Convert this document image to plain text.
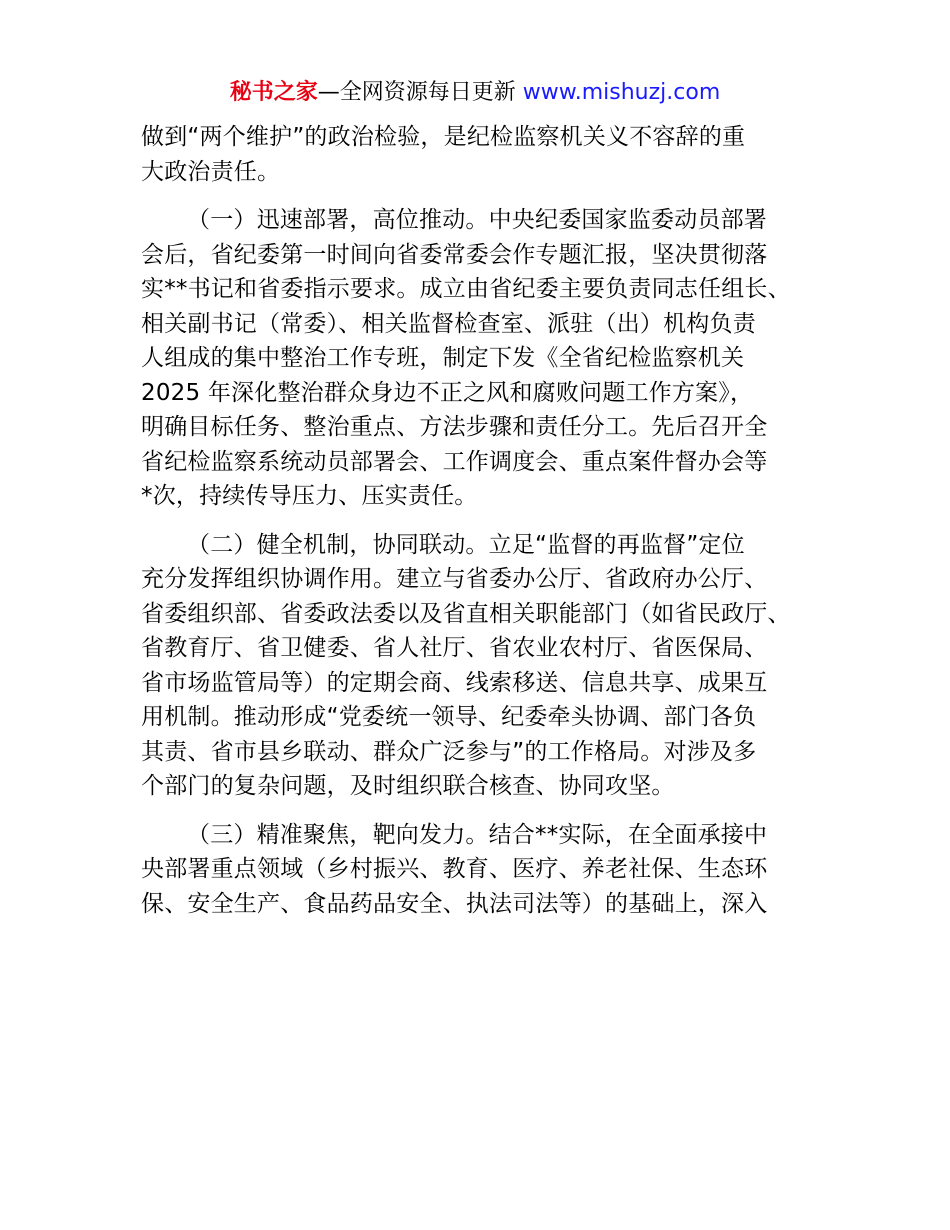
秘书之家—全网资源每日更新 www.mishuzj.com
做到“两个维护”的政治检验，是纪检监察机关义不容辞的重
大政治责任。
（一）迅速部署，高位推动。中央纪委国家监委动员部署
会后，省纪委第一时间向省委常委会作专题汇报，坚决贯彻落
实**书记和省委指示要求。成立由省纪委主要负责同志任组长、
相关副书记（常委）、相关监督检查室、派驻（出）机构负责
人组成的集中整治工作专班，制定下发《全省纪检监察机关
2025 年深化整治群众身边不正之风和腐败问题工作方案》，
明确目标任务、整治重点、方法步骤和责任分工。先后召开全
省纪检监察系统动员部署会、工作调度会、重点案件督办会等
*次，持续传导压力、压实责任。
（二）健全机制，协同联动。立足“监督的再监督”定位
充分发挥组织协调作用。建立与省委办公厅、省政府办公厅、
省委组织部、省委政法委以及省直相关职能部门（如省民政厅、
省教育厅、省卫健委、省人社厅、省农业农村厅、省医保局、
省市场监管局等）的定期会商、线索移送、信息共享、成果互
用机制。推动形成“党委统一领导、纪委牵头协调、部门各负
其责、省市县乡联动、群众广泛参与”的工作格局。对涉及多
个部门的复杂问题，及时组织联合核查、协同攻坚。
（三）精准聚焦，靶向发力。结合**实际，在全面承接中
央部署重点领域（乡村振兴、教育、医疗、养老社保、生态环
保、安全生产、食品药品安全、执法司法等）的基础上，深入
